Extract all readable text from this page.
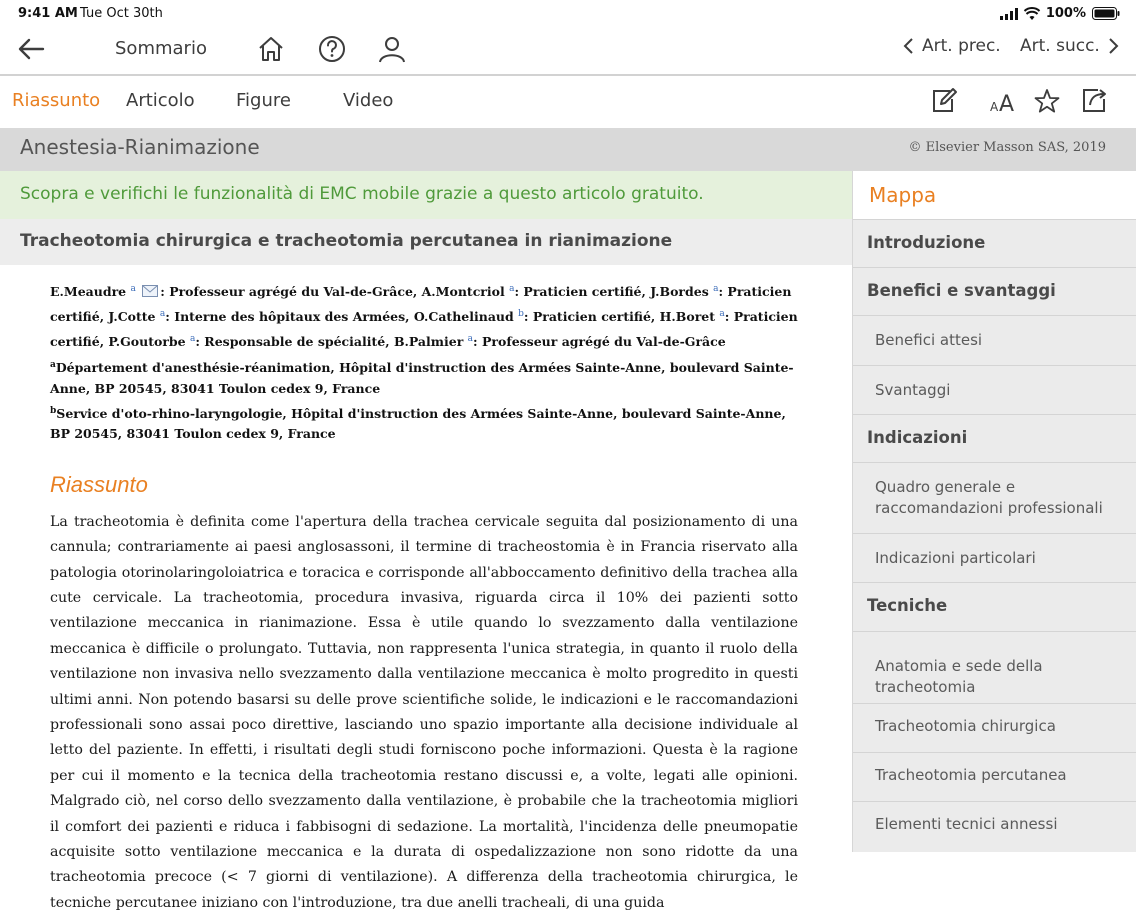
9:41 AM Tue Oct 30th	100%
Sommario	Art. prec. Art. succ.
Riassunto Articolo Figure	Video	A A
Anestesia-Rianimazione	© Elsevier Masson SAS, 2019
Scopra e verifichi le funzionalità di EMC mobile grazie a questo articolo gratuito.
Tracheotomia chirurgica e tracheotomia percutanea in rianimazione
E.Meaudre $^a$ : Professeur agrégé du Val-de-Grâce, A.Montcriol $^a$: Praticien certifié, J.Bordes $^a$: Praticien certifié, J.Cotte $^a$: Interne des hôpitaux des Armées, O.Cathelinaud $^b$: Praticien certifié, H.Boret $^a$: Praticien certifié, P.Goutorbe $^a$: Responsable de spécialité, B.Palmier $^a$: Professeur agrégé du Val-de-Grâce
$^a$Département d'anesthésie-réanimation, Hôpital d'instruction des Armées Sainte-Anne, boulevard Sainte-Anne, BP 20545, 83041 Toulon cedex 9, France
$^b$Service d'oto-rhino-laryngologie, Hôpital d'instruction des Armées Sainte-Anne, boulevard Sainte-Anne, BP 20545, 83041 Toulon cedex 9, France
Riassunto

La tracheotomia è definita come l'apertura della trachea cervicale seguita dal posizionamento di una cannula; contrariamente ai paesi anglosassoni, il termine di tracheostomia è in Francia riservato alla patologia otorinolaringoloiatrica e toracica e corrisponde all'abboccamento definitivo della trachea alla cute cervicale. La tracheotomia, procedura invasiva, riguarda circa il 10% dei pazienti sotto ventilazione meccanica in rianimazione. Essa è utile quando lo svezzamento dalla ventilazione meccanica è difficile o prolungato. Tuttavia, non rappresenta l'unica strategia, in quanto il ruolo della ventilazione non invasiva nello svezzamento dalla ventilazione meccanica è molto progredito in questi ultimi anni. Non potendo basarsi su delle prove scientifiche solide, le indicazioni e le raccomandazioni professionali sono assai poco direttive, lasciando uno spazio importante alla decisione individuale al letto del paziente. In effetti, i risultati degli studi forniscono poche informazioni. Questa è la ragione per cui il momento e la tecnica della tracheotomia restano discussi e, a volte, legati alle opinioni. Malgrado ciò, nel corso dello svezzamento dalla ventilazione, è probabile che la tracheotomia migliori il comfort dei pazienti e riduca i fabbisogni di sedazione. La mortalità, l'incidenza delle pneumopatie acquisite sotto ventilazione meccanica e la durata di ospedalizzazione non sono ridotte da una tracheotomia precoce (< 7 giorni di ventilazione). A differenza della tracheotomia chirurgica, le tecniche percutanee iniziano con l'introduzione, tra due anelli tracheali, di una guida

Mappa
Introduzione
Benefici e svantaggi
Benefici attesi
Svantaggi
Indicazioni
Quadro generale e raccomandazioni professionali
Indicazioni particolari
Tecniche
Anatomia e sede della tracheotomia
Tracheotomia chirurgica
Tracheotomia percutanea
Elementi tecnici annessi
